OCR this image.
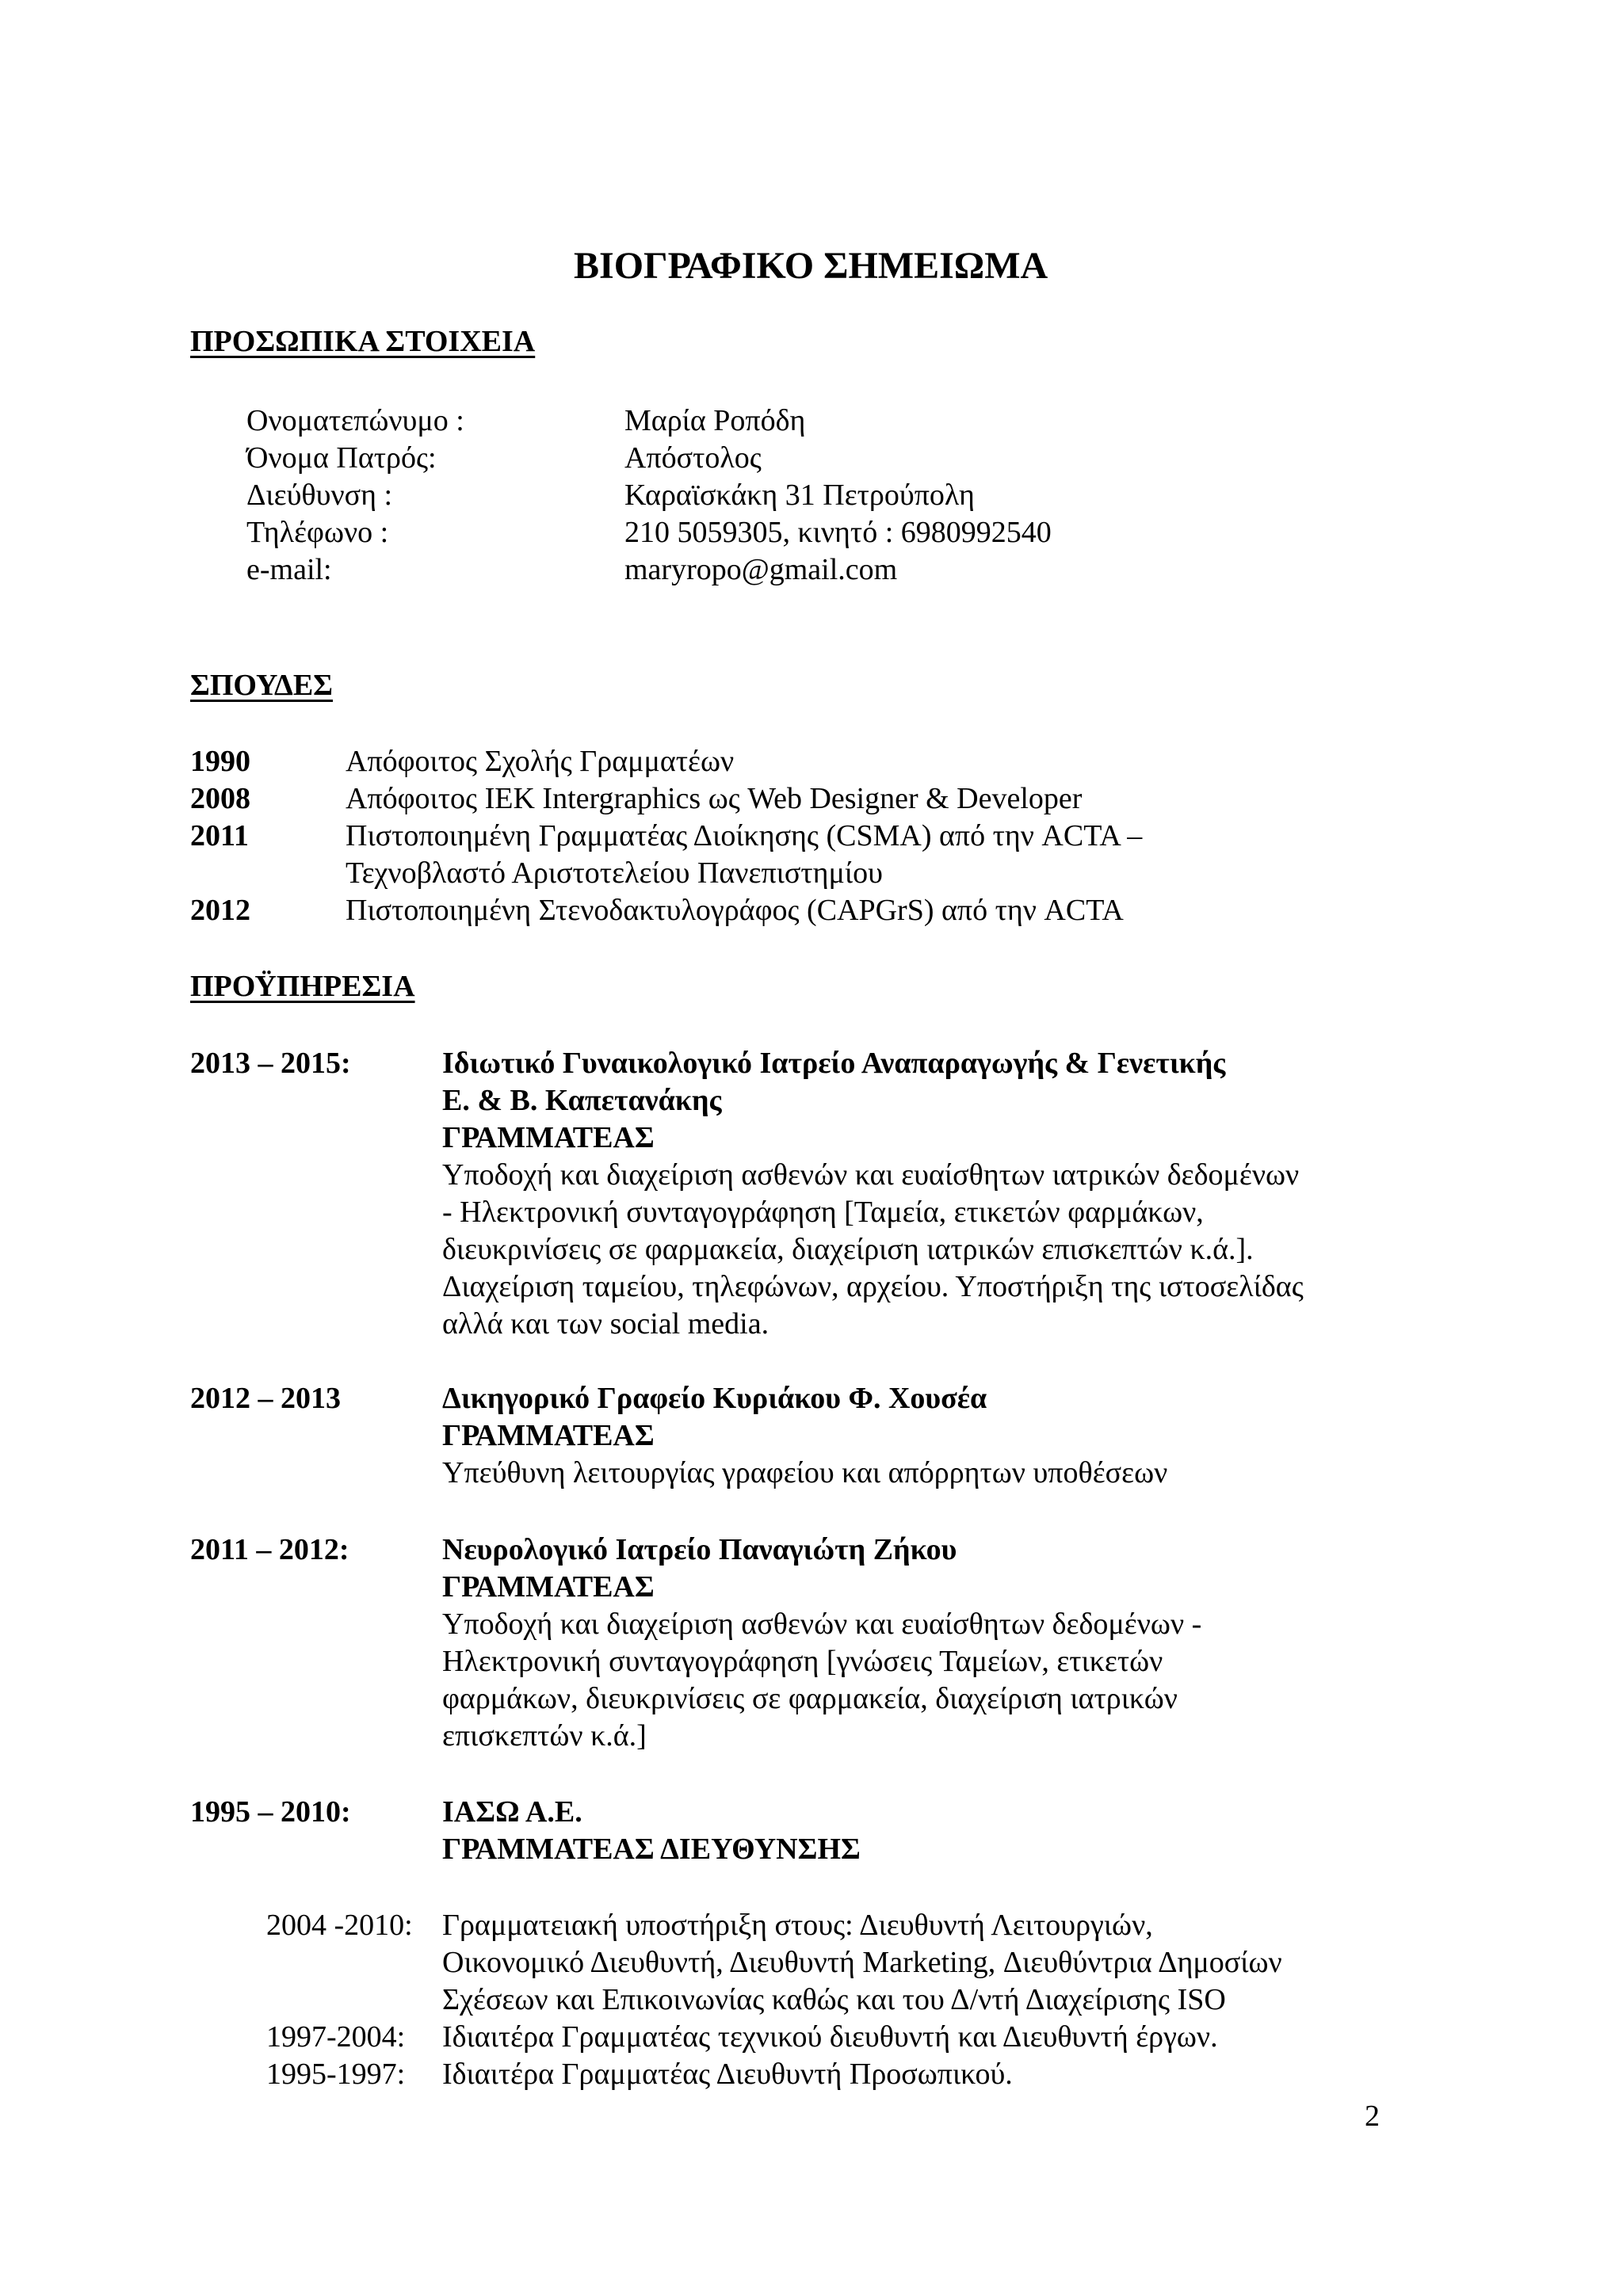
ΒΙΟΓΡΑΦΙΚΟ ΣΗΜΕΙΩΜΑ
ΠΡΟΣΩΠΙΚΑ ΣΤΟΙΧΕΙΑ
Ονοματεπώνυμο :	Μαρία Ροπόδη
Όνομα Πατρός:	Απόστολος
Διεύθυνση :	Καραϊσκάκη 31 Πετρούπολη
Τηλέφωνο :	210 5059305, κινητό : 6980992540
e-mail:	maryropo@gmail.com
ΣΠΟΥΔΕΣ
1990	Απόφοιτος Σχολής Γραμματέων
2008	Απόφοιτος ΙΕΚ Intergraphics ως Web Designer & Developer
2011	Πιστοποιημένη Γραμματέας Διοίκησης (CSMA) από την ACTA –
Τεχνοβλαστό Αριστοτελείου Πανεπιστημίου
2012	Πιστοποιημένη Στενοδακτυλογράφος (CAPGrS) από την ACTA
ΠΡΟΫΠΗΡΕΣΙΑ
2013 – 2015:	Ιδιωτικό Γυναικολογικό Ιατρείο Αναπαραγωγής & Γενετικής
Ε. & Β. Καπετανάκης
ΓΡΑΜΜΑΤΕΑΣ
Υποδοχή και διαχείριση ασθενών και ευαίσθητων ιατρικών δεδομένων
- Ηλεκτρονική συνταγογράφηση [Ταμεία, ετικετών φαρμάκων,
διευκρινίσεις σε φαρμακεία, διαχείριση ιατρικών επισκεπτών κ.ά.].
Διαχείριση ταμείου, τηλεφώνων, αρχείου. Υποστήριξη της ιστοσελίδας
αλλά και των social media.
2012 – 2013	Δικηγορικό Γραφείο Κυριάκου Φ. Χουσέα
ΓΡΑΜΜΑΤΕΑΣ
Υπεύθυνη λειτουργίας γραφείου και απόρρητων υποθέσεων
2011 – 2012:	Νευρολογικό Ιατρείο Παναγιώτη Ζήκου
ΓΡΑΜΜΑΤΕΑΣ
Υποδοχή και διαχείριση ασθενών και ευαίσθητων δεδομένων -
Ηλεκτρονική συνταγογράφηση [γνώσεις Ταμείων, ετικετών
φαρμάκων, διευκρινίσεις σε φαρμακεία, διαχείριση ιατρικών
επισκεπτών κ.ά.]
1995 – 2010:	ΙΑΣΩ Α.Ε.
ΓΡΑΜΜΑΤΕΑΣ ΔΙΕΥΘΥΝΣΗΣ
2004 -2010: Γραμματειακή υποστήριξη στους: Διευθυντή Λειτουργιών,
Οικονομικό Διευθυντή, Διευθυντή Marketing, Διευθύντρια Δημοσίων
Σχέσεων και Επικοινωνίας καθώς και του Δ/ντή Διαχείρισης ISO
1997-2004: Ιδιαιτέρα Γραμματέας τεχνικού διευθυντή και Διευθυντή έργων.
1995-1997: Ιδιαιτέρα Γραμματέας Διευθυντή Προσωπικού.
2
